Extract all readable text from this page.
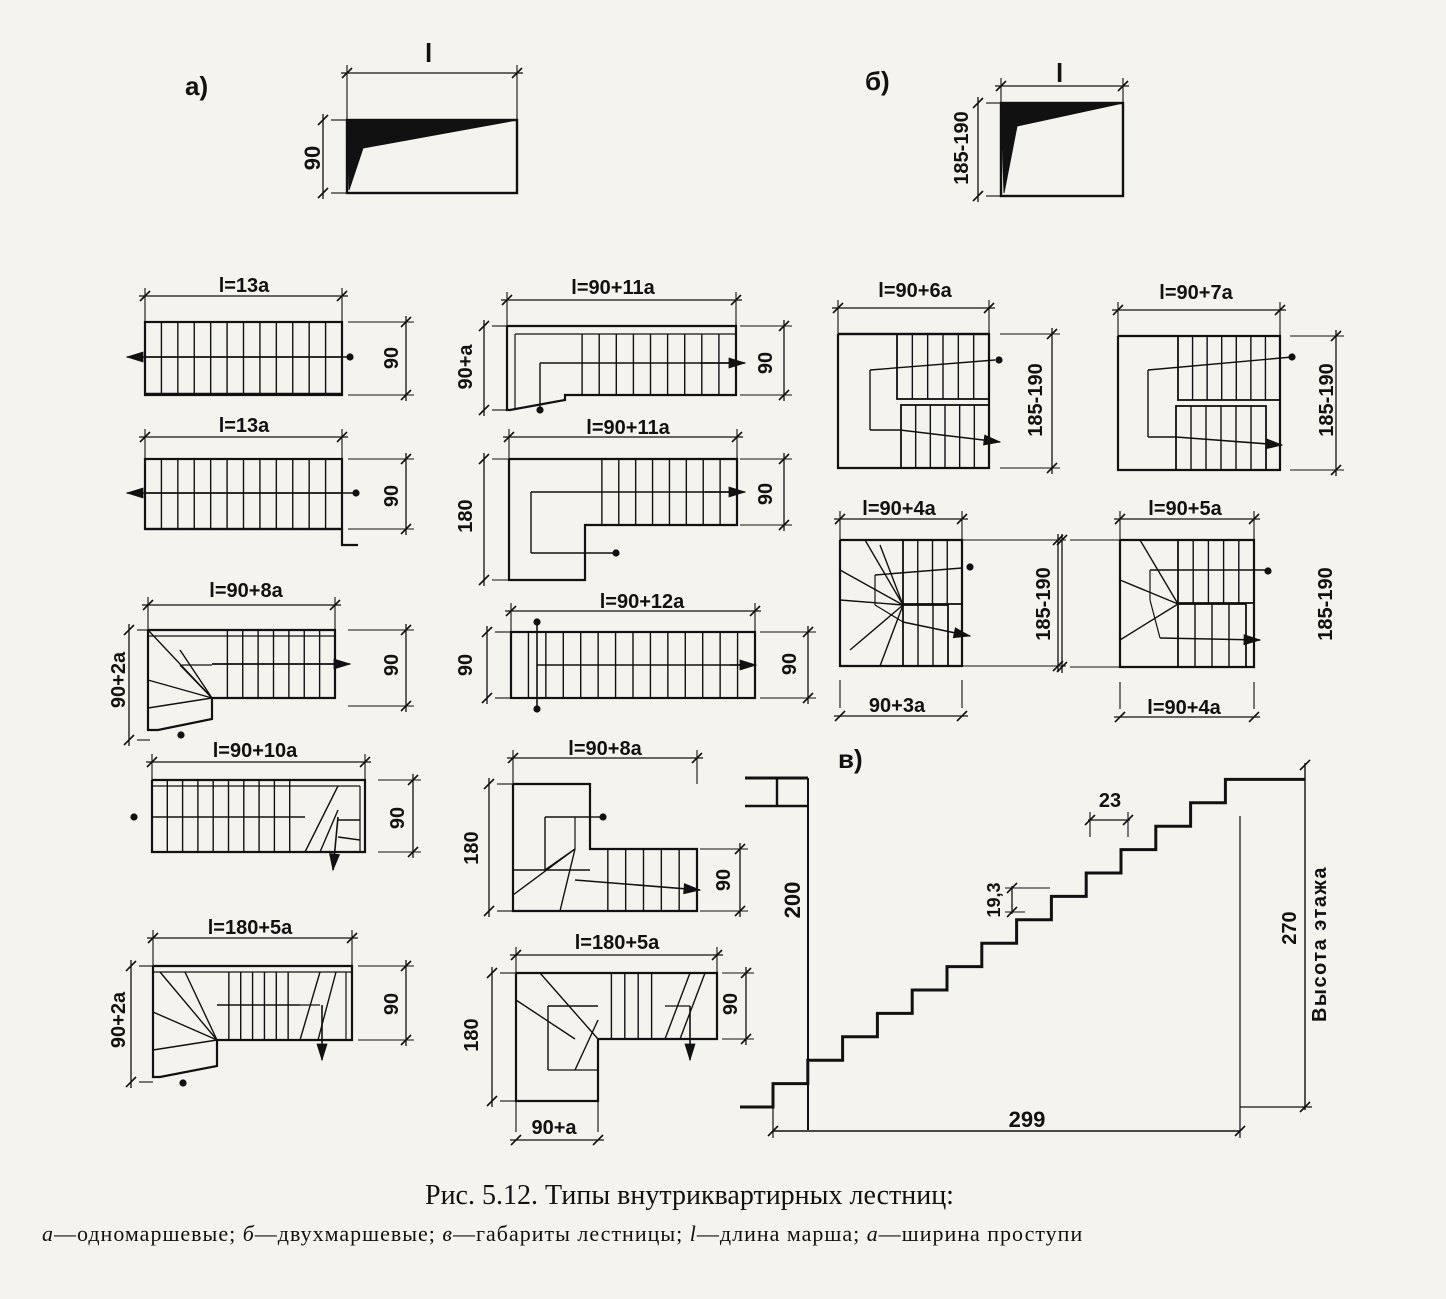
а)	б)
в)
l
90
l
185-190
l=13a
90
l=13a
90
l=90+8a
90
90+2a
l=90+10a
90
l=180+5a
90
90+2a
l=90+11a
90
90+a
l=90+11a
90
180
l=90+12a
90
90
l=90+8a
90
180
l=180+5a
90
180
90+a
l=90+6a
185-190
l=90+7a
185-190
l=90+4a
185-190
90+3a
l=90+5a
185-190
l=90+4a
200	19,3
23
270 Высота этажа
299
Рис. 5.12. Типы внутриквартирных лестниц:
а—одномаршевые; б—двухмаршевые; в—габариты лестницы; l—длина марша; а—ширина проступи
